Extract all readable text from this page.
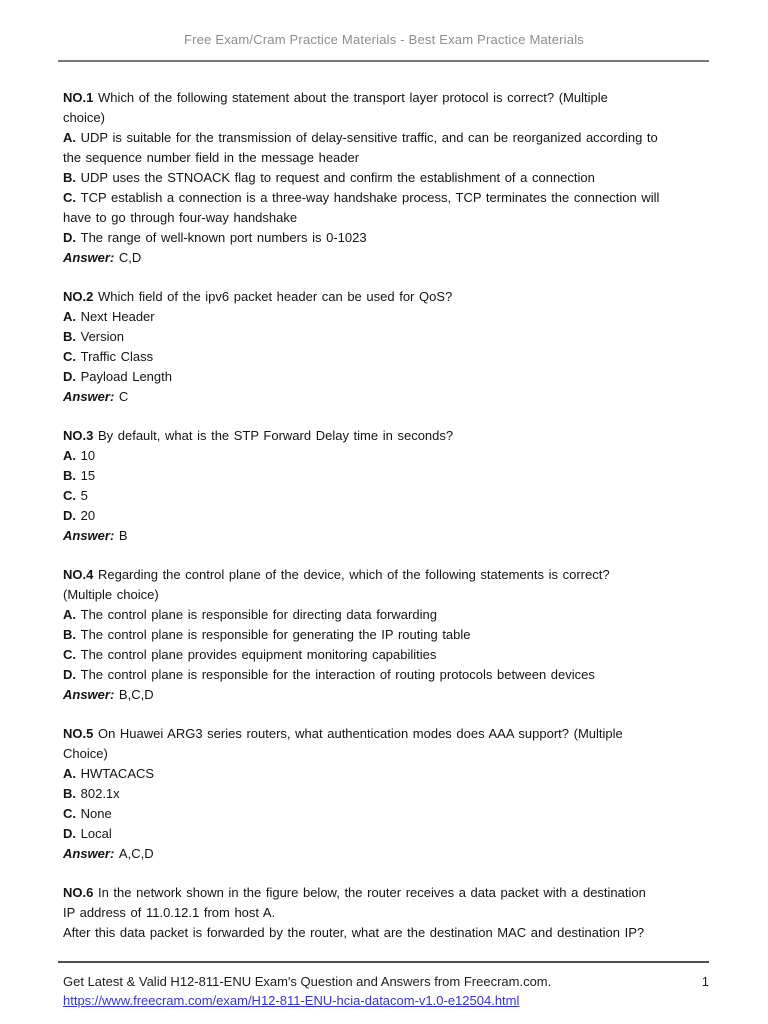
Free Exam/Cram Practice Materials - Best Exam Practice Materials
NO.1 Which of the following statement about the transport layer protocol is correct? (Multiple
choice)
A. UDP is suitable for the transmission of delay-sensitive traffic, and can be reorganized according to
the sequence number field in the message header
B. UDP uses the STNOACK flag to request and confirm the establishment of a connection
C. TCP establish a connection is a three-way handshake process, TCP terminates the connection will
have to go through four-way handshake
D. The range of well-known port numbers is 0-1023
Answer: C,D
NO.2 Which field of the ipv6 packet header can be used for QoS?
A. Next Header
B. Version
C. Traffic Class
D. Payload Length
Answer: C
NO.3 By default, what is the STP Forward Delay time in seconds?
A. 10
B. 15
C. 5
D. 20
Answer: B
NO.4 Regarding the control plane of the device, which of the following statements is correct?
(Multiple choice)
A. The control plane is responsible for directing data forwarding
B. The control plane is responsible for generating the IP routing table
C. The control plane provides equipment monitoring capabilities
D. The control plane is responsible for the interaction of routing protocols between devices
Answer: B,C,D
NO.5 On Huawei ARG3 series routers, what authentication modes does AAA support? (Multiple
Choice)
A. HWTACACS
B. 802.1x
C. None
D. Local
Answer: A,C,D
NO.6 In the network shown in the figure below, the router receives a data packet with a destination
IP address of 11.0.12.1 from host A.
After this data packet is forwarded by the router, what are the destination MAC and destination IP?
Get Latest & Valid H12-811-ENU Exam's Question and Answers from Freecram.com.	1
https://www.freecram.com/exam/H12-811-ENU-hcia-datacom-v1.0-e12504.html
